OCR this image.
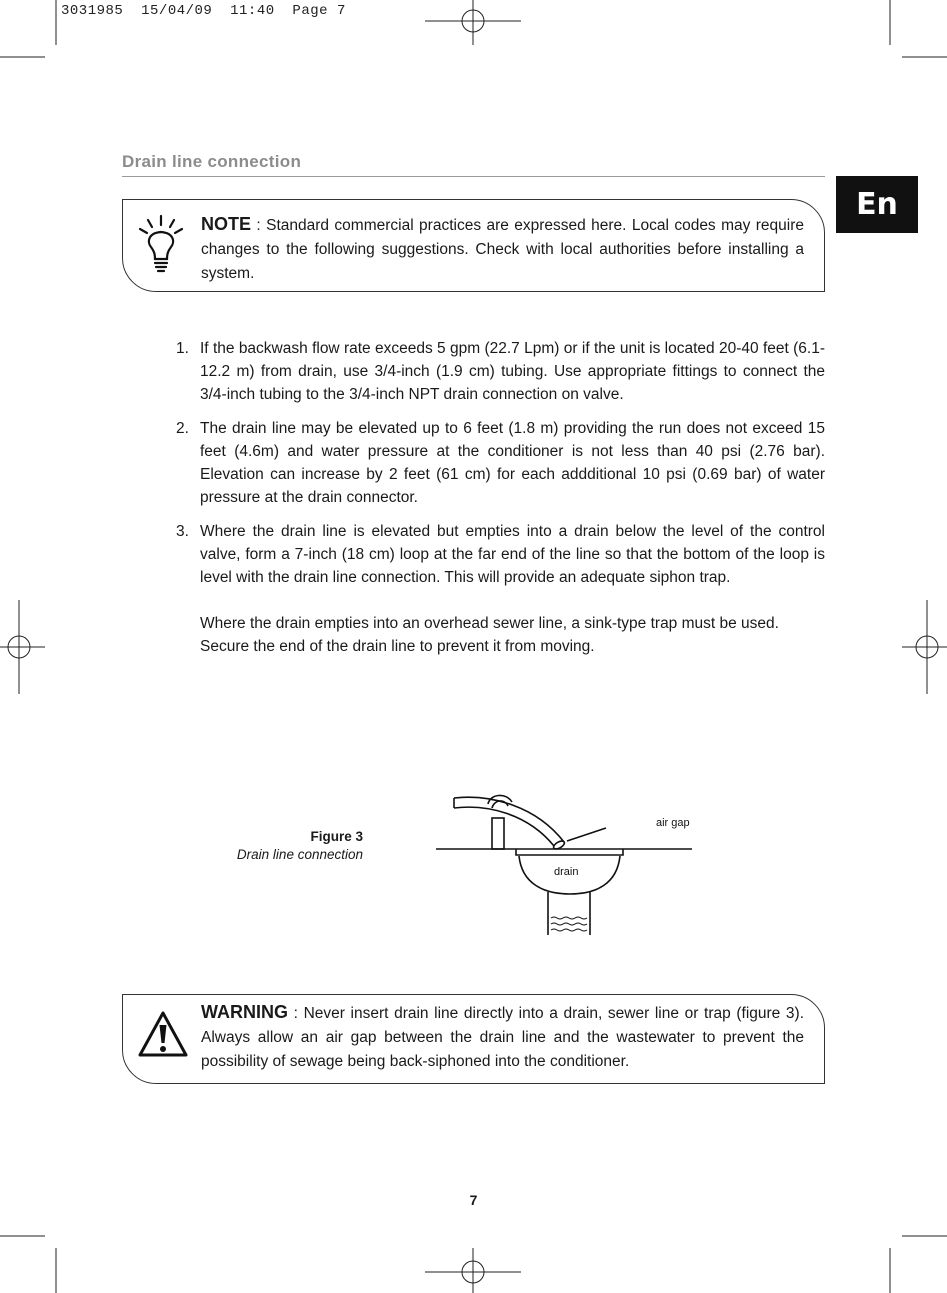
3031985  15/04/09  11:40  Page 7
Drain line connection
En
NOTE : Standard commercial practices are expressed here. Local codes may require changes to the following suggestions. Check with local authorities before installing a system.
1. If the backwash flow rate exceeds 5 gpm (22.7 Lpm) or if the unit is located 20-40 feet (6.1-12.2 m) from drain, use 3/4-inch (1.9 cm) tubing. Use appropriate fittings to connect the 3/4-inch tubing to the 3/4-inch NPT drain connection on valve.

2. The drain line may be elevated up to 6 feet (1.8 m) providing the run does not exceed 15 feet (4.6m) and water pressure at the conditioner is not less than 40 psi (2.76 bar). Elevation can increase by 2 feet (61 cm) for each addditional 10 psi (0.69 bar) of water pressure at the drain connector.

3. Where the drain line is elevated but empties into a drain below the level of the control valve, form a 7-inch (18 cm) loop at the far end of the line so that the bottom of the loop is level with the drain line connection. This will provide an adequate siphon trap.

Where the drain empties into an overhead sewer line, a sink-type trap must be used.

Secure the end of the drain line to prevent it from moving.

Figure 3
Drain line connection
air gap
drain
WARNING : Never insert drain line directly into a drain, sewer line or trap (figure 3). Always allow an air gap between the drain line and the wastewater to prevent the possibility of sewage being back-siphoned into the conditioner.
7
